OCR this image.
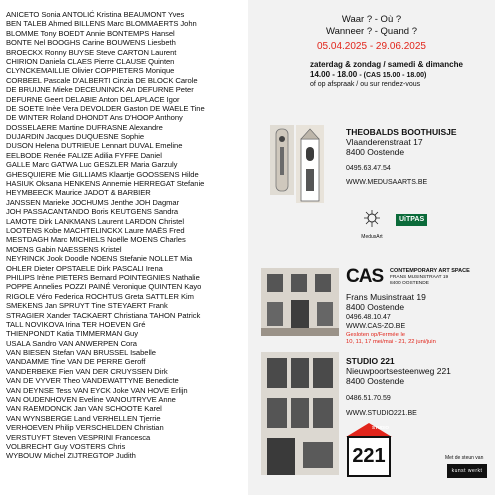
ANICETO Sonia ANTOLIĆ Kristina BEAUMONT Yves
BEN TALEB Ahmed BILLENS Marc BLOMMAERTS John
BLOMME Tony BOEDT Annie BONTEMPS Hansel
BONTE Nel BOOGHS Carine BOUWENS Liesbeth
BROECKX Ronny BUYSE Steve CARTON Laurent
CHIRION Daniela CLAES Pierre CLAUSE Quinten
CLYNCKEMAILLIE Olivier COPPIETERS Monique
CORBEEL Pascale D'ALBERTI Cinzia DE BLOCK Carole
DE BRUIJNE Mieke DECEUNINCK An DEFURNE Peter
DEFURNE Geert DELABIE Anton DELAPLACE Igor
DE SOETE Inèe Vera DEVOLDER Gaston DE WAELE Tine
DE WINTER Roland DHONDT Ans D'HOOP Anthony
DOSSELAERE Martine DUFRASNE Alexandre
DUJARDIN Jacques DUQUESNE Sophie
DUSON Helena DUTRIEUE Lennart DUVAL Emeline
EELBODE Renée FALIZE Adilia FYFFE Daniel
GALLE Marc GATWA Luc GESZLER Maria Garzuly
GHESQUIERE Mie GILLIAMS Klaartje GOOSSENS Hilde
HASIUK Oksana HENKENS Annemie HERREGAT Stefanie
HEYMBEECK Maurice JADOT & BARBIER
JANSSEN Marieke JOCHUMS Jenthe JOH Dagmar
JOH PASSACANTANDO Boris KEUTGENS Sandra
LAMOTE Dirk LANKMANS Laurent LARDON Christel
LOOTENS Kobe MACHTELINCKX Laure MAËS Fred
MESTDAGH Marc MICHIELS Noëlle MOENS Charles
MOENS Gabin NAESSENS Kristel
NEYRINCK Jook Doodle NOENS Stefanie NOLLET Mia
OHLER Dieter OPSTAELE Dirk PASCALI Irena
PHILIPS Irène PIETERS Bernard POINTEGNIES Nathalie
POPPE Annelies POZZI PAINÉ Veronique QUINTEN Kayo
RIGOLE Véro Federica ROCHTUS Greta SATTLER Kim
SMEKENS Jan SPRUYT Tine STEYAERT Frank
STRAGIER Xander TACKAERT Christiana TAHON Patrick
TALL NOVIKOVA Irina TER HOEVEN Gré
THIENPONDT Katia TIMMERMAN Guy
USALA Sandro VAN ANWERPEN Cora
VAN BIESEN Stefan VAN BRUSSEL Isabelle
VANDAMME Tine VAN DE PERRE Geroff
VANDERBEKE Fien VAN DER CRUYSSEN Dirk
VAN DE VYVER Theo VANDEWATTYNE Benedicte
VAN DEYNSE Tess VAN EYCK Joke VAN HOVE Erlijn
VAN OUDENHOVEN Eveline VANOUTRYVE Anne
VAN RAEMDONCK Jan VAN SCHOOTE Karel
VAN WYNSBERGE Land VERHELLEN Tjerrie
VERHOEVEN Philip VERSCHELDEN Christian
VERSTUYFT Steven VESPRINI Francesca
VOLBRECHT Guy VOSTERS Chris
WYBOUW Michel ZIJTREGTOP Judith
Waar ? - Où ?
Wanneer ? - Quand ?
05.04.2025 - 29.06.2025
zaterdag & zondag / samedi & dimanche
14.00 - 18.00 - (CAS 15.00 - 18.00)
of op afspraak / ou sur rendez-vous
THEOBALDS BOOTHUISJE
Vlaanderenstraat 17
8400 Oostende
0495.63.47.54
WWW.MEDUSAARTS.BE
MedusArt
UiTPAS
CAS CONTEMPORARY ART SPACE
FRANS MUSINSTRAAT 19
8400 OOSTENDE
Frans Musinstraat 19
8400 Oostende
0496.48.10.47
WWW.CAS-ZO.BE
Gesloten op/Fermée le
10, 11, 17 mei/mai - 21, 22 juni/juin
STUDIO 221
Nieuwpoortsesteenweg 221
8400 Oostende
0486.51.70.59
WWW.STUDIO221.BE
STUDIO
221	Met de steun van
kunst werkt
